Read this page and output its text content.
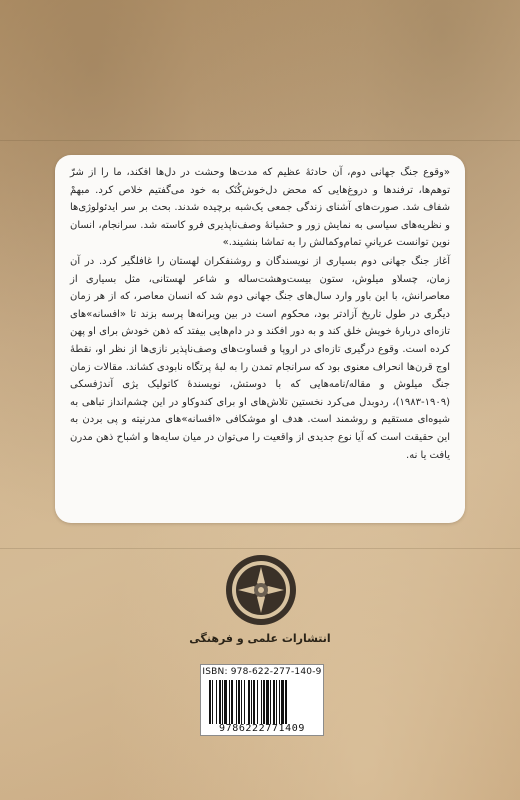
«وقوع جنگ جهانی دوم، آن حادثهٔ عظیم که مدت‌ها وحشت در دل‌ها افکند، ما را از شرّ توهم‌ها، ترفندها و دروغ‌هایی که محض دل‌خوش‌کُنَک به خود می‌گفتیم خلاص کرد. مبهم‌ْ شفاف شد. صورت‌های آشنای زندگی جمعی یک‌شبه برچیده شدند. بحث بر سر ایدئولوژی‌ها و نظریه‌های سیاسی به نمایش زور و حشیانهٔ وصف‌ناپذیری فرو کاسته شد. سرانجام، انسان نوین توانست عریانیِ تمام‌وکمالش را به تماشا بنشیند.»

آغاز جنگ جهانی دوم بسیاری از نویسندگان و روشنفکران لهستان را غافلگیر کرد. در آن زمان، چسلاو میلوش، ستون بیست‌وهشت‌ساله و شاعر لهستانی، مثل بسیاری از معاصرانش، با این باور وارد سال‌های جنگ جهانی دوم شد که انسان معاصر، که از هر زمان دیگری در طول تاریخ آزادتر بود، محکوم است در بین ویرانه‌ها پرسه بزند تا «افسانه»های تازه‌ای دربارهٔ خویش خلق کند و به دور افکند و در دام‌هایی بیفتد که ذهن خودش برای او پهن کرده است. وقوع درگیری تازه‌ای در اروپا و قساوت‌های وصف‌ناپذیر نازی‌ها از نظر او، نقطهٔ اوج قرن‌ها انحراف معنوی بود که سرانجام تمدن را به لبهٔ پرتگاه نابودی کشاند. مقالات زمان جنگ میلوش و مقاله/نامه‌هایی که با دوستش، نویسندهٔ کاتولیک یژی آندژفسکی (۱۹۰۹-۱۹۸۳)، ردوبدل می‌کرد نخستین تلاش‌های او برای کندوکاو در این چشم‌انداز تباهی به شیوه‌ای مستقیم و روشمند است. هدف او موشکافی «افسانه»های مدرنیته و پی بردن به این حقیقت است که آیا نوع جدیدی از واقعیت را می‌توان در میان سایه‌ها و اشباح ذهن مدرن یافت یا نه.

انتشارات علمی و فرهنگی
ISBN: 978-622-277-140-9
9786222771409
